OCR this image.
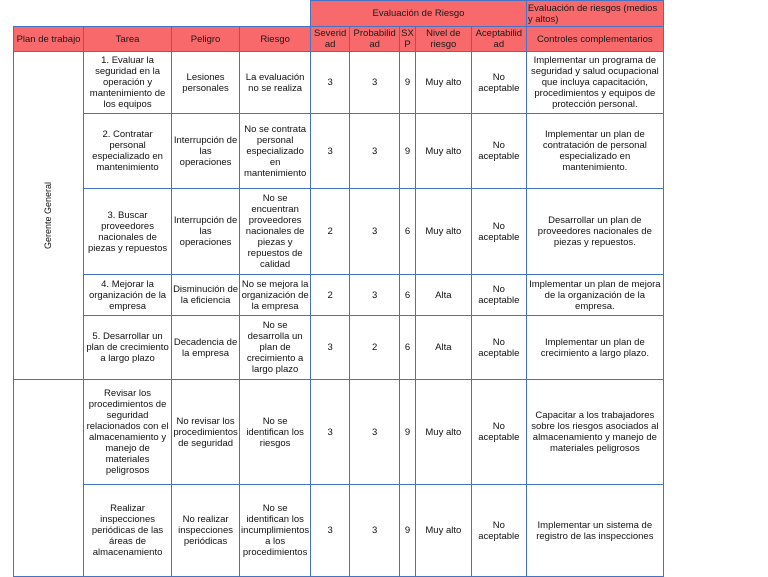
				Evaluación de Riesgo					Evaluación de riesgos (medios y altos)
Plan de trabajo	Tarea	Peligro	Riesgo	Severid ad	Probabilid ad	SX P	Nivel de riesgo	Aceptabilid ad	Controles complementarios

Gerente General	1. Evaluar la seguridad en la operación y mantenimiento de los equipos	Lesiones personales	La evaluación no se realiza	3	3	9	Muy alto	No aceptable	Implementar un programa de seguridad y salud ocupacional que incluya capacitación, procedimientos y equipos de protección personal.
	2. Contratar personal especializado en mantenimiento	Interrupción de las operaciones	No se contrata personal especializado en mantenimiento	3	3	9	Muy alto	No aceptable	Implementar un plan de contratación de personal especializado en mantenimiento.
	3. Buscar proveedores nacionales de piezas y repuestos	Interrupción de las operaciones	No se encuentran proveedores nacionales de piezas y repuestos de calidad	2	3	6	Muy alto	No aceptable	Desarrollar un plan de proveedores nacionales de piezas y repuestos.
	4. Mejorar la organización de la empresa	Disminución de la eficiencia	No se mejora la organización de la empresa	2	3	6	Alta	No aceptable	Implementar un plan de mejora de la organización de la empresa.
	5. Desarrollar un plan de crecimiento a largo plazo	Decadencia de la empresa	No se desarrolla un plan de crecimiento a largo plazo	3	2	6	Alta	No aceptable	Implementar un plan de crecimiento a largo plazo.

	Revisar los procedimientos de seguridad relacionados con el almacenamiento y manejo de materiales peligrosos	No revisar los procedimientos de seguridad	No se identifican los riesgos	3	3	9	Muy alto	No aceptable	Capacitar a los trabajadores sobre los riesgos asociados al almacenamiento y manejo de materiales peligrosos
	Realizar inspecciones periódicas de las áreas de almacenamiento	No realizar inspecciones periódicas	No se identifican los incumplimientos a los procedimientos	3	3	9	Muy alto	No aceptable	Implementar un sistema de registro de las inspecciones
